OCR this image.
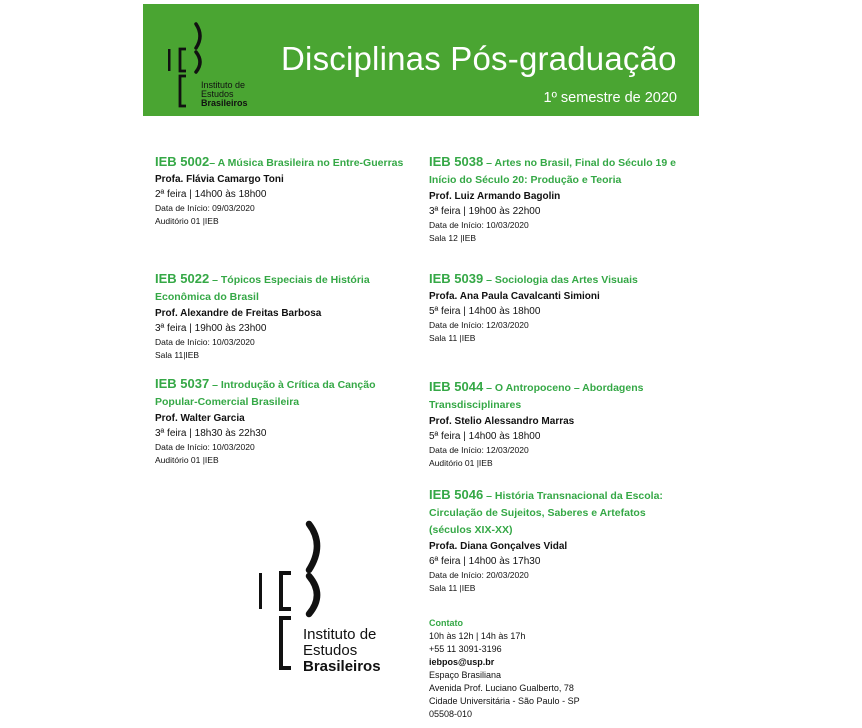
Instituto de
Estudos
Brasileiros
Disciplinas Pós-graduação
1º semestre de 2020
IEB 5002– A Música Brasileira no Entre-Guerras
Profa. Flávia Camargo Toni
2ª feira | 14h00 às 18h00
Data de Início: 09/03/2020
Auditório 01 |IEB
IEB 5022 – Tópicos Especiais de História Econômica do Brasil
Prof. Alexandre de Freitas Barbosa
3ª feira | 19h00 às 23h00
Data de Início: 10/03/2020
Sala 11|IEB
IEB 5037 – Introdução à Crítica da Canção Popular-Comercial Brasileira
Prof. Walter Garcia
3ª feira | 18h30 às 22h30
Data de Início: 10/03/2020
Auditório 01 |IEB
IEB 5038 – Artes no Brasil, Final do Século 19 e Início do Século 20: Produção e Teoria
Prof. Luiz Armando Bagolin
3ª feira | 19h00 às 22h00
Data de Início: 10/03/2020
Sala 12 |IEB
IEB 5039 – Sociologia das Artes Visuais
Profa. Ana Paula Cavalcanti Simioni
5ª feira | 14h00 às 18h00
Data de Início: 12/03/2020
Sala 11 |IEB
IEB 5044 – O Antropoceno – Abordagens Transdisciplinares
Prof. Stelio Alessandro Marras
5ª feira | 14h00 às 18h00
Data de Início: 12/03/2020
Auditório 01 |IEB
IEB 5046 – História Transnacional da Escola: Circulação de Sujeitos, Saberes e Artefatos (séculos XIX-XX)
Profa. Diana Gonçalves Vidal
6ª feira | 14h00 às 17h30
Data de Início: 20/03/2020
Sala 11 |IEB
Instituto de
Estudos
Brasileiros
Contato
10h às 12h | 14h às 17h
+55 11 3091-3196
iebpos@usp.br
Espaço Brasiliana
Avenida Prof. Luciano Gualberto, 78
Cidade Universitária - São Paulo - SP
05508-010
